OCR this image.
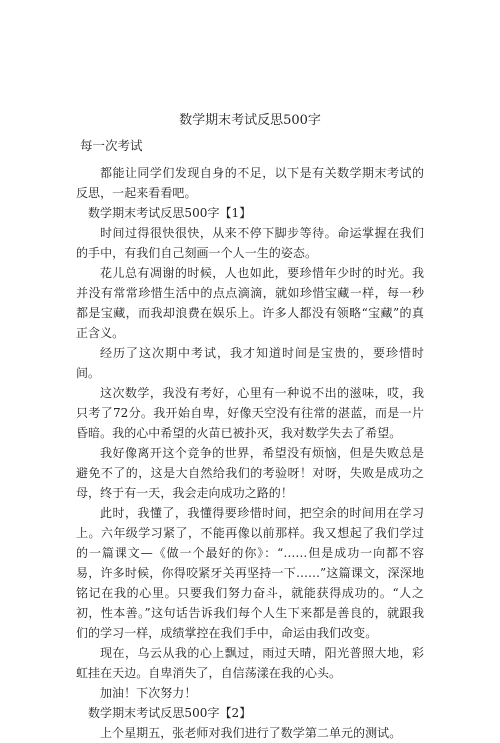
数学期末考试反思500字
每一次考试

都能让同学们发现自身的不足，以下是有关数学期末考试的反思，一起来看看吧。

数学期末考试反思500字【1】

时间过得很快很快，从来不停下脚步等待。命运掌握在我们的手中，有我们自己刻画一个人一生的姿态。

花儿总有凋谢的时候，人也如此，要珍惜年少时的时光。我并没有常常珍惜生活中的点点滴滴，就如珍惜宝藏一样，每一秒都是宝藏，而我却浪费在娱乐上。许多人都没有领略“宝藏”的真正含义。

经历了这次期中考试，我才知道时间是宝贵的，要珍惜时间。

这次数学，我没有考好，心里有一种说不出的滋味，哎，我只考了72分。我开始自卑，好像天空没有往常的湛蓝，而是一片昏暗。我的心中希望的火苗已被扑灭，我对数学失去了希望。

我好像离开这个竞争的世界，希望没有烦恼，但是失败总是避免不了的，这是大自然给我们的考验呀！对呀，失败是成功之母，终于有一天，我会走向成功之路的！

此时，我懂了，我懂得要珍惜时间，把空余的时间用在学习上。六年级学习紧了，不能再像以前那样。我又想起了我们学过的一篇课文—《做一个最好的你》：“……但是成功一向都不容易，许多时候，你得咬紧牙关再坚持一下……”这篇课文，深深地铭记在我的心里。只要我们努力奋斗，就能获得成功的。“人之初，性本善。”这句话告诉我们每个人生下来都是善良的，就跟我们的学习一样，成绩掌控在我们手中，命运由我们改变。

现在，乌云从我的心上飘过，雨过天晴，阳光普照大地，彩虹挂在天边。自卑消失了，自信荡漾在我的心头。

加油！下次努力！

数学期末考试反思500字【2】

上个星期五，张老师对我们进行了数学第二单元的测试。
